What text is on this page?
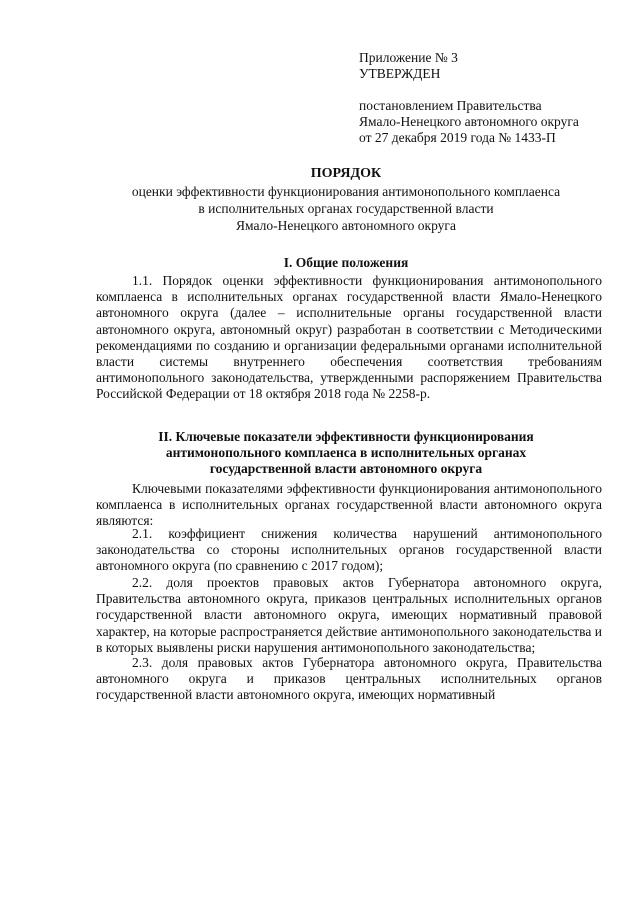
Приложение № 3
УТВЕРЖДЕН
постановлением Правительства
Ямало-Ненецкого автономного округа
от 27 декабря 2019 года № 1433-П
ПОРЯДОК
оценки эффективности функционирования антимонопольного комплаенса
в исполнительных органах государственной власти
Ямало-Ненецкого автономного округа
I. Общие положения

1.1. Порядок оценки эффективности функционирования антимонопольного комплаенса в исполнительных органах государственной власти Ямало-Ненецкого автономного округа (далее – исполнительные органы государственной власти автономного округа, автономный округ) разработан в соответствии с Методическими рекомендациями по созданию и организации федеральными органами исполнительной власти системы внутреннего обеспечения соответствия требованиям антимонопольного законодательства, утвержденными распоряжением Правительства Российской Федерации от 18 октября 2018 года № 2258-р.

II. Ключевые показатели эффективности функционирования
антимонопольного комплаенса в исполнительных органах
государственной власти автономного округа

Ключевыми показателями эффективности функционирования антимонопольного комплаенса в исполнительных органах государственной власти автономного округа являются:

2.1. коэффициент снижения количества нарушений антимонопольного законодательства со стороны исполнительных органов государственной власти автономного округа (по сравнению с 2017 годом);

2.2. доля проектов правовых актов Губернатора автономного округа, Правительства автономного округа, приказов центральных исполнительных органов государственной власти автономного округа, имеющих нормативный правовой характер, на которые распространяется действие антимонопольного законодательства и в которых выявлены риски нарушения антимонопольного законодательства;

2.3. доля правовых актов Губернатора автономного округа, Правительства автономного округа и приказов центральных исполнительных органов государственной власти автономного округа, имеющих нормативный
